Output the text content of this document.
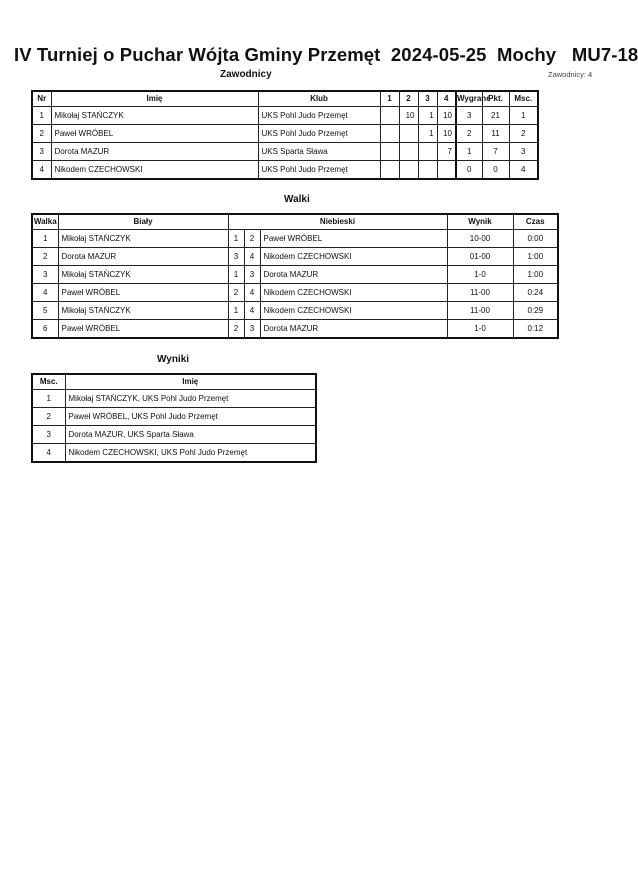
IV Turniej o Puchar Wójta Gminy Przemęt 2024-05-25 Mochy MU7-18
Zawodnicy	Zawodnicy: 4
Nr	Imię	Klub	1	2	3	4	Wygrane	Pkt.	Msc.
1	Mikołaj STAŃCZYK	UKS Pohl Judo Przemęt		10	1	10	3	21	1
2	Paweł WRÓBEL	UKS Pohl Judo Przemęt			1	10	2	11	2
3	Dorota MAZUR	UKS Sparta Sława				7	1	7	3
4	Nikodem CZECHOWSKI	UKS Pohl Judo Przemęt					0	0	4
Walki
Walka	Biały	Niebieski			Wynik	Czas
1	Mikołaj STAŃCZYK	1	2	Paweł WRÓBEL	10-00	0:00
2	Dorota MAZUR	3	4	Nikodem CZECHOWSKI	01-00	1:00
3	Mikołaj STAŃCZYK	1	3	Dorota MAZUR	1-0	1:00
4	Paweł WRÓBEL	2	4	Nikodem CZECHOWSKI	11-00	0:24
5	Mikołaj STAŃCZYK	1	4	Nikodem CZECHOWSKI	11-00	0:29
6	Paweł WRÓBEL	2	3	Dorota MAZUR	1-0	0:12
Wyniki
Msc.	Imię
1	Mikołaj STAŃCZYK, UKS Pohl Judo Przemęt
2	Paweł WRÓBEL, UKS Pohl Judo Przemęt
3	Dorota MAZUR, UKS Sparta Sława
4	Nikodem CZECHOWSKI, UKS Pohl Judo Przemęt
